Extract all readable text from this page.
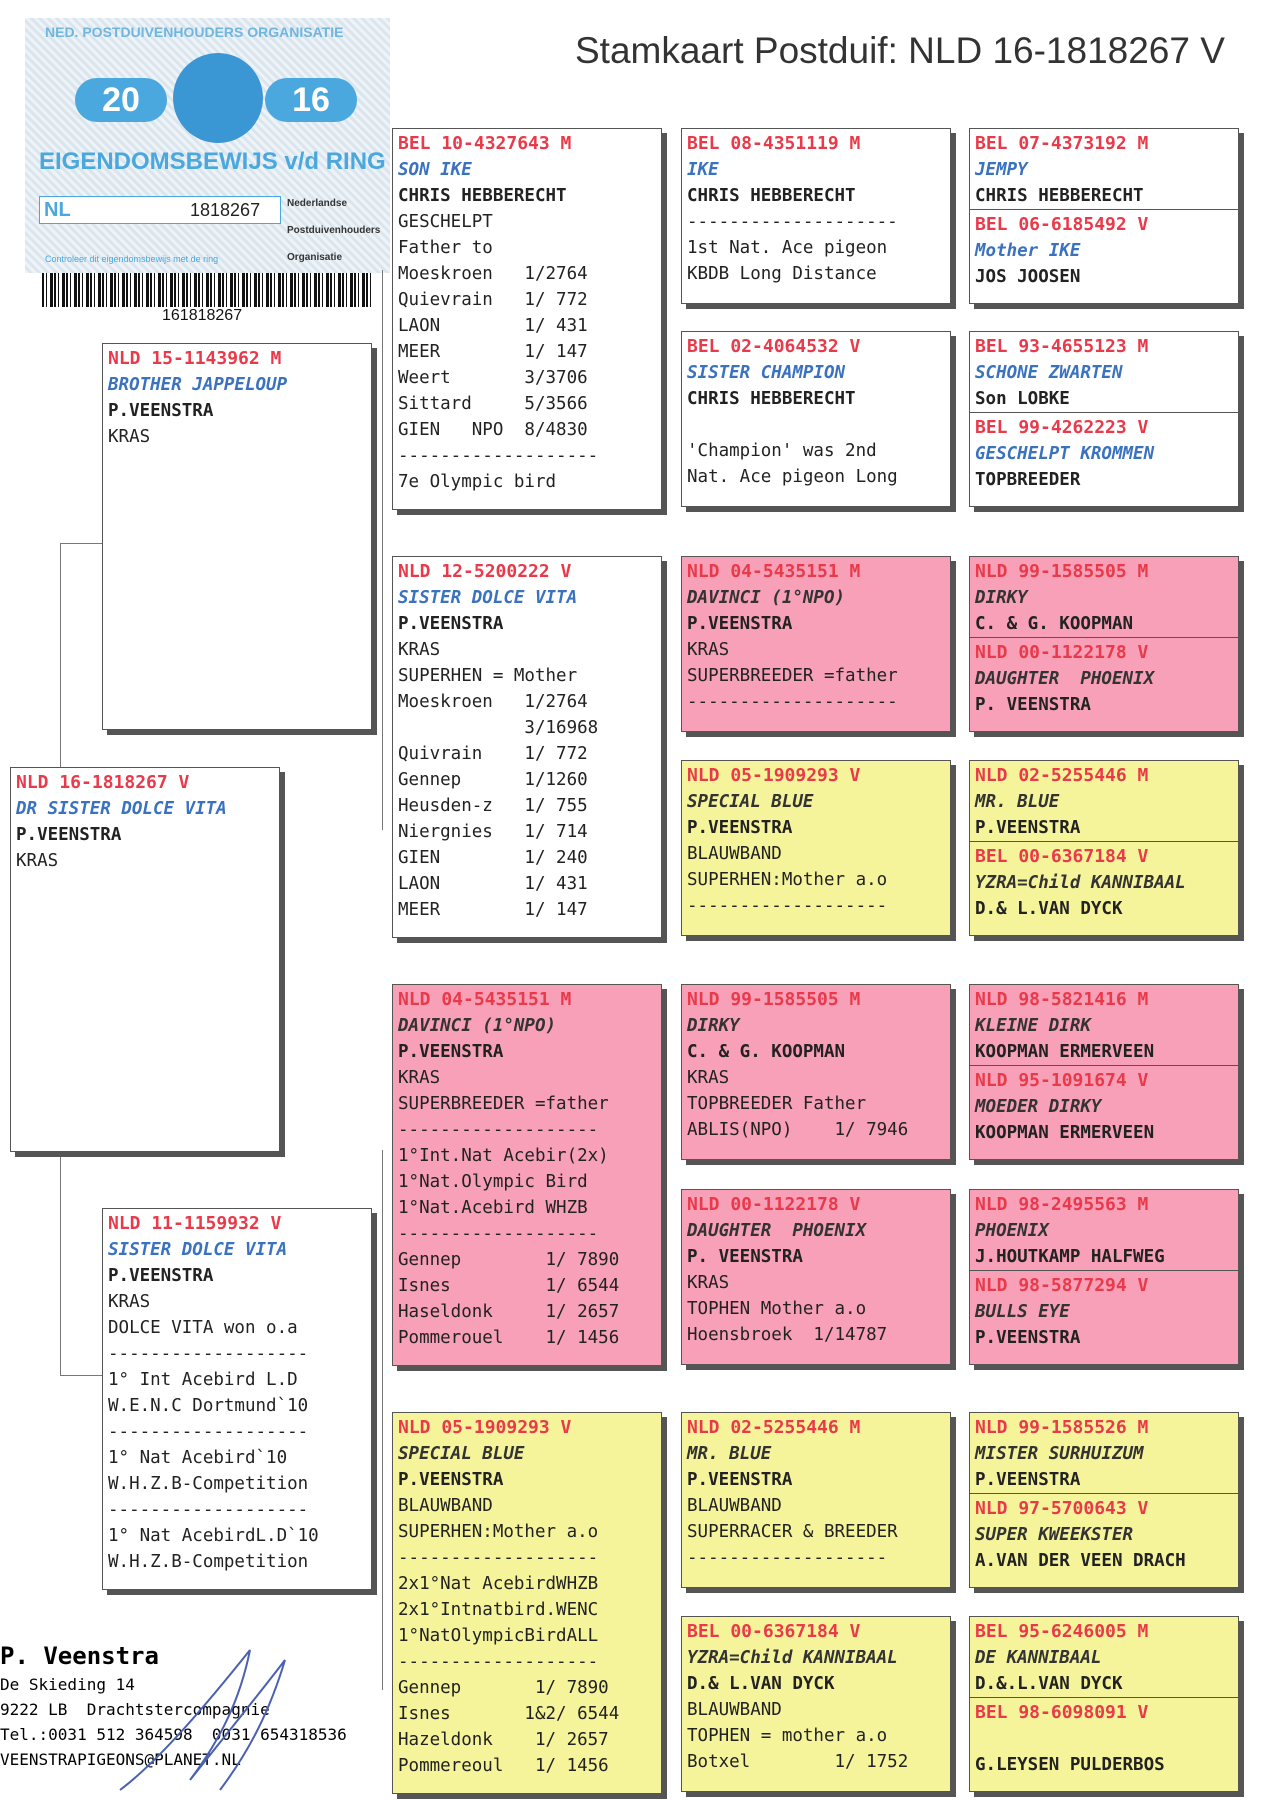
Stamkaart Postduif: NLD 16-1818267 V
NED. POSTDUIVENHOUDERS ORGANISATIE
20	16
EIGENDOMSBEWIJS v/d RING
NL	1818267	Nederlandse
Postduivenhouders
Organisatie
Controleer dit eigendomsbewijs met de ring
161818267
NLD 16-1818267 V
DR SISTER DOLCE VITA
P.VEENSTRA
KRAS
NLD 15-1143962 M
BROTHER JAPPELOUP
P.VEENSTRA
KRAS
NLD 11-1159932 V
SISTER DOLCE VITA
P.VEENSTRA
KRAS
DOLCE VITA won o.a
-------------------
1° Int Acebird L.D
W.E.N.C Dortmund`10
-------------------
1° Nat Acebird`10
W.H.Z.B-Competition
-------------------
1° Nat AcebirdL.D`10
W.H.Z.B-Competition
BEL 10-4327643 M
SON IKE
CHRIS HEBBERECHT
GESCHELPT
Father to
Moeskroen   1/2764
Quievrain   1/ 772
LAON        1/ 431
MEER        1/ 147
Weert       3/3706
Sittard     5/3566
GIEN   NPO  8/4830
-------------------
7e Olympic bird
NLD 12-5200222 V
SISTER DOLCE VITA
P.VEENSTRA
KRAS
SUPERHEN = Mother
Moeskroen   1/2764
3/16968
Quivrain    1/ 772
Gennep      1/1260
Heusden-z   1/ 755
Niergnies   1/ 714
GIEN        1/ 240
LAON        1/ 431
MEER        1/ 147
NLD 04-5435151 M
DAVINCI (1°NPO)
P.VEENSTRA
KRAS
SUPERBREEDER =father
-------------------
1°Int.Nat Acebir(2x)
1°Nat.Olympic Bird
1°Nat.Acebird WHZB
-------------------
Gennep        1/ 7890
Isnes         1/ 6544
Haseldonk     1/ 2657
Pommerouel    1/ 1456
NLD 05-1909293 V
SPECIAL BLUE
P.VEENSTRA
BLAUWBAND
SUPERHEN:Mother a.o
-------------------
2x1°Nat AcebirdWHZB
2x1°Intnatbird.WENC
1°NatOlympicBirdALL
-------------------
Gennep       1/ 7890
Isnes       1&2/ 6544
Hazeldonk    1/ 2657
Pommereoul   1/ 1456
BEL 08-4351119 M
IKE
CHRIS HEBBERECHT
--------------------
1st Nat. Ace pigeon
KBDB Long Distance
BEL 02-4064532 V
SISTER CHAMPION
CHRIS HEBBERECHT
'Champion' was 2nd
Nat. Ace pigeon Long
NLD 04-5435151 M
DAVINCI (1°NPO)
P.VEENSTRA
KRAS
SUPERBREEDER =father
--------------------
NLD 05-1909293 V
SPECIAL BLUE
P.VEENSTRA
BLAUWBAND
SUPERHEN:Mother a.o
-------------------
NLD 99-1585505 M
DIRKY
C. & G. KOOPMAN
KRAS
TOPBREEDER Father
ABLIS(NPO)    1/ 7946
NLD 00-1122178 V
DAUGHTER  PHOENIX
P. VEENSTRA
KRAS
TOPHEN Mother a.o
Hoensbroek  1/14787
NLD 02-5255446 M
MR. BLUE
P.VEENSTRA
BLAUWBAND
SUPERRACER & BREEDER
-------------------
BEL 00-6367184 V
YZRA=Child KANNIBAAL
D.& L.VAN DYCK
BLAUWBAND
TOPHEN = mother a.o
Botxel        1/ 1752
BEL 07-4373192 M
JEMPY
CHRIS HEBBERECHT
BEL 06-6185492 V
Mother IKE
JOS JOOSEN
BEL 93-4655123 M
SCHONE ZWARTEN
Son LOBKE
BEL 99-4262223 V
GESCHELPT KROMMEN
TOPBREEDER
NLD 99-1585505 M
DIRKY
C. & G. KOOPMAN
NLD 00-1122178 V
DAUGHTER  PHOENIX
P. VEENSTRA
NLD 02-5255446 M
MR. BLUE
P.VEENSTRA
BEL 00-6367184 V
YZRA=Child KANNIBAAL
D.& L.VAN DYCK
NLD 98-5821416 M
KLEINE DIRK
KOOPMAN ERMERVEEN
NLD 95-1091674 V
MOEDER DIRKY
KOOPMAN ERMERVEEN
NLD 98-2495563 M
PHOENIX
J.HOUTKAMP HALFWEG
NLD 98-5877294 V
BULLS EYE
P.VEENSTRA
NLD 99-1585526 M
MISTER SURHUIZUM
P.VEENSTRA
NLD 97-5700643 V
SUPER KWEEKSTER
A.VAN DER VEEN DRACH
BEL 95-6246005 M
DE KANNIBAAL
D.&.L.VAN DYCK
BEL 98-6098091 V
G.LEYSEN PULDERBOS
P. Veenstra
De Skieding 14
9222 LB  Drachtstercompagnie
Tel.:0031 512 364598  0031 654318536
VEENSTRAPIGEONS@PLANET.NL
